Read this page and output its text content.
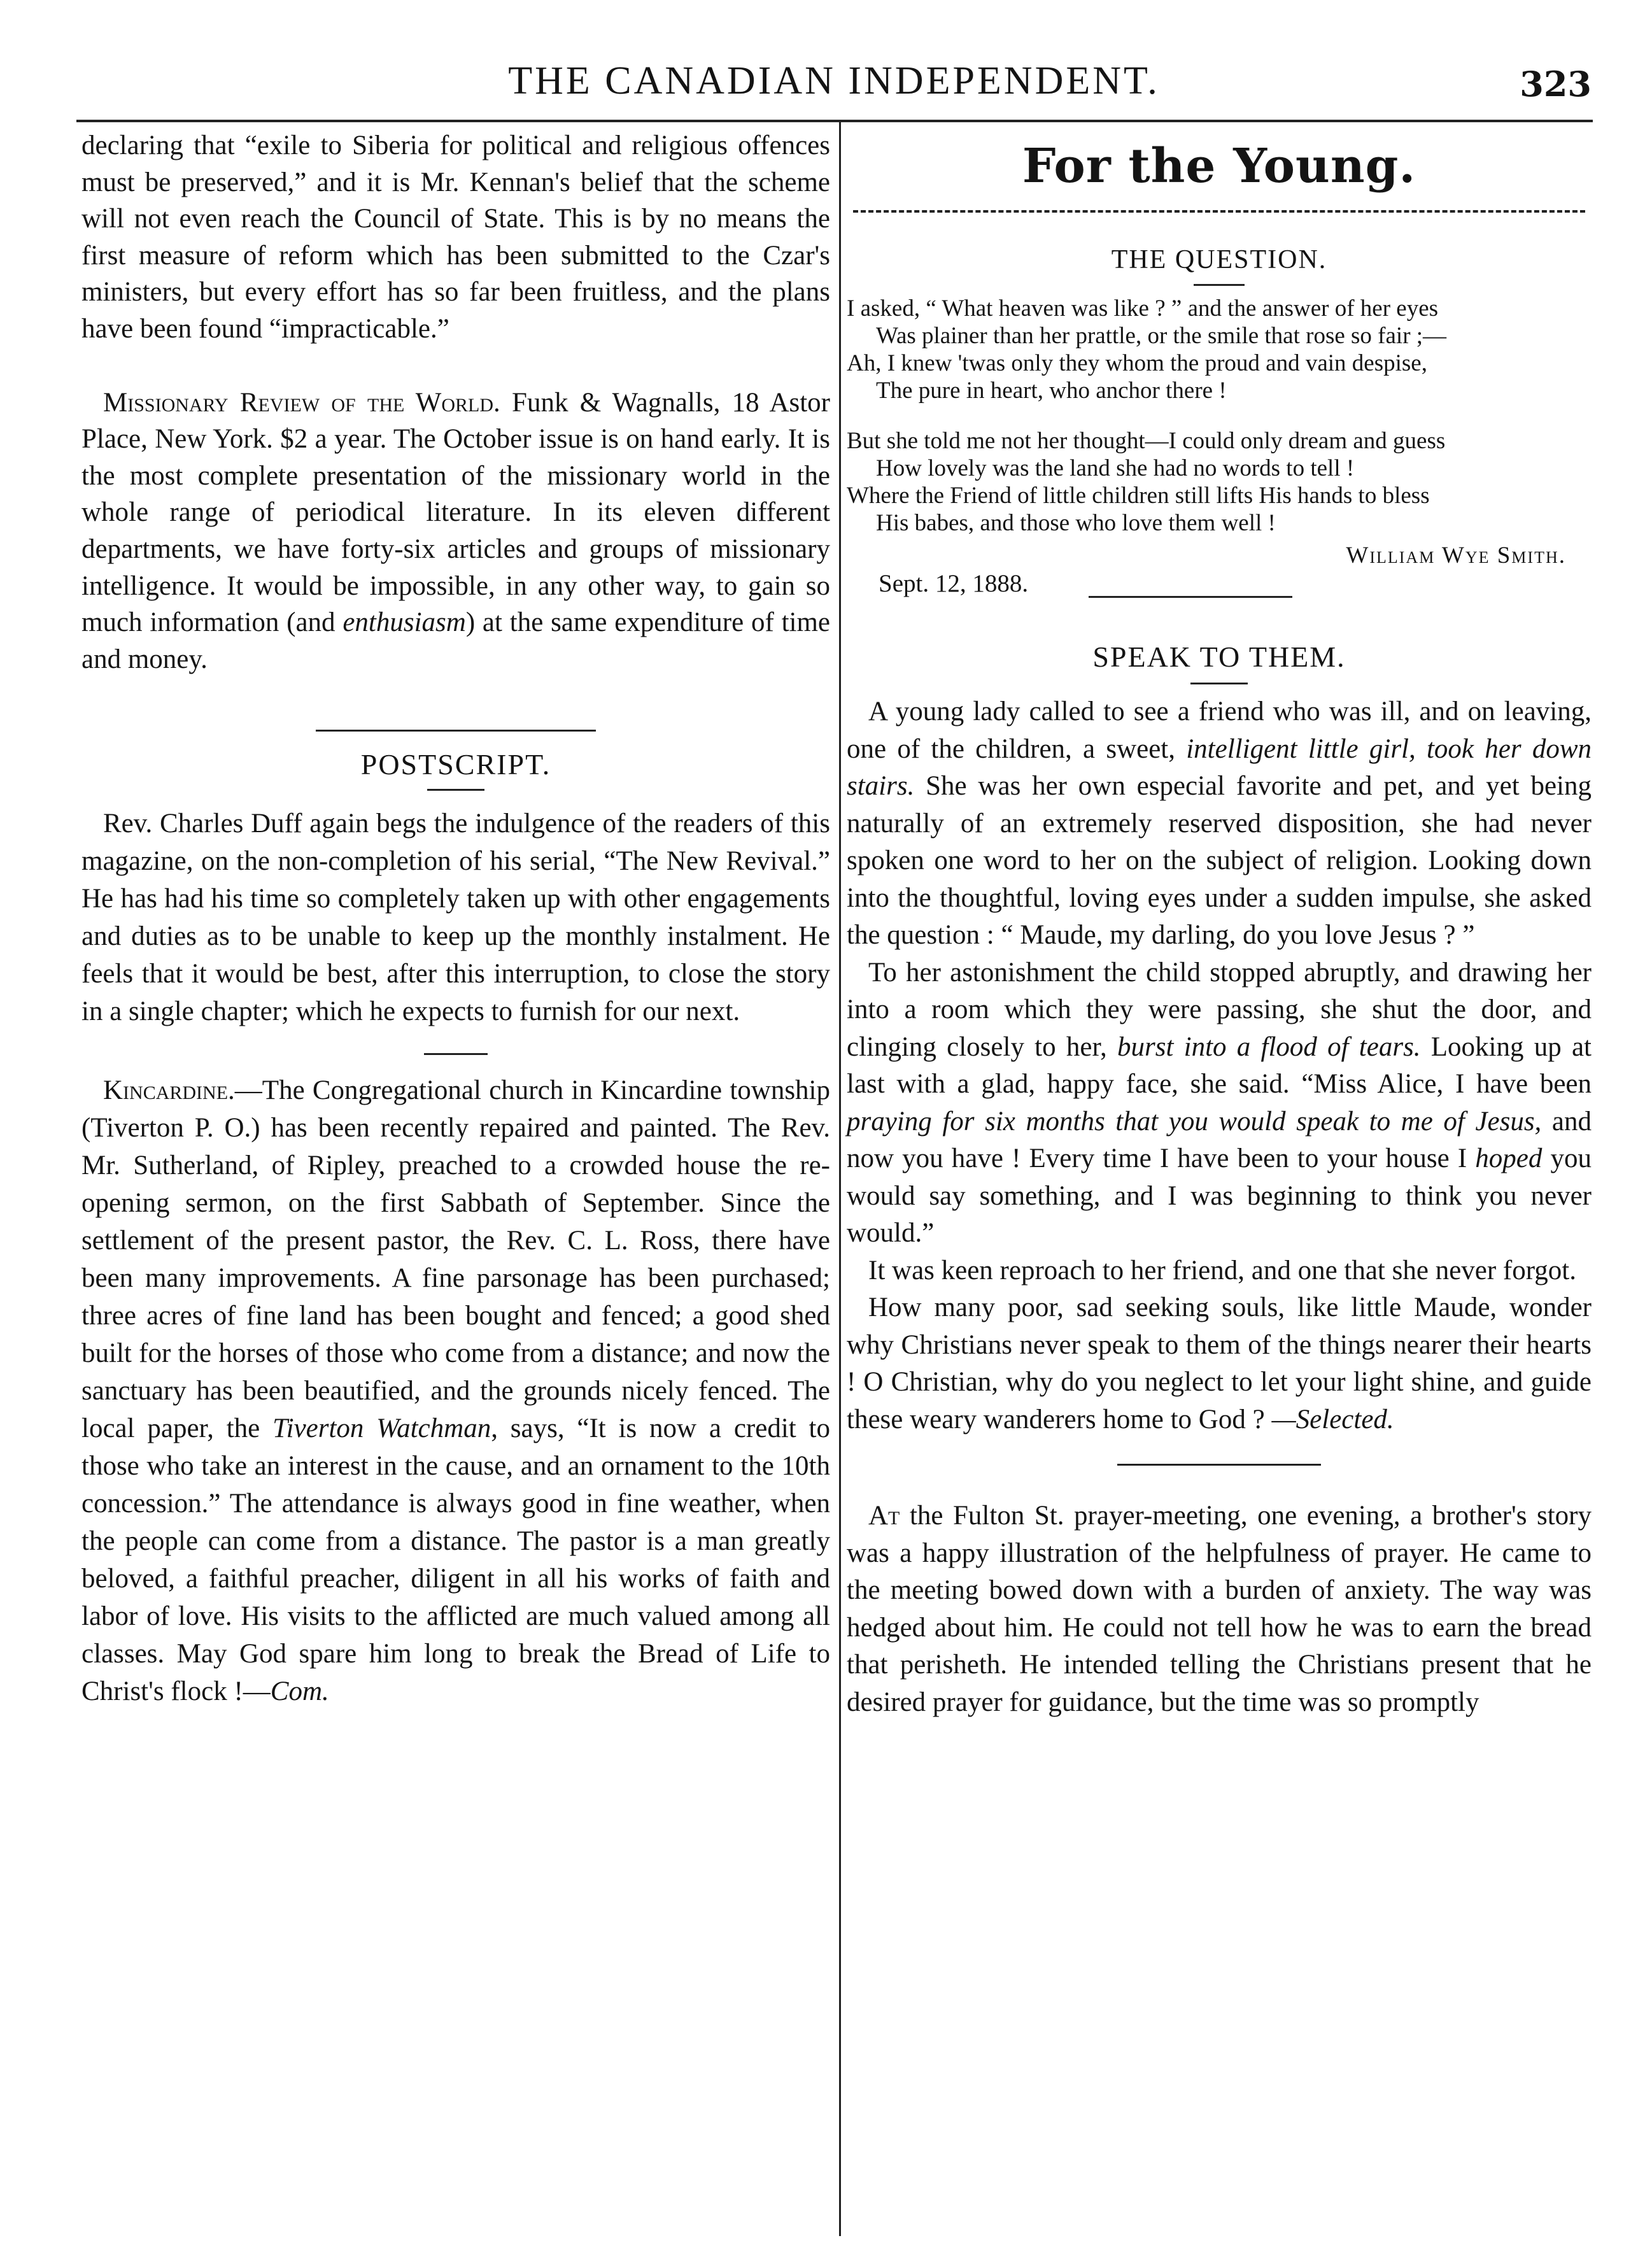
THE CANADIAN INDEPENDENT.	323

declaring that “exile to Siberia for political and religious offences must be preserved,” and it is Mr. Kennan's belief that the scheme will not even reach the Council of State. This is by no means the first measure of reform which has been submitted to the Czar's ministers, but every effort has so far been fruitless, and the plans have been found “impracticable.”

Missionary Review of the World. Funk & Wagnalls, 18 Astor Place, New York. $2 a year. The October issue is on hand early. It is the most complete presentation of the missionary world in the whole range of periodical literature. In its eleven different departments, we have forty-six articles and groups of missionary intelligence. It would be impossible, in any other way, to gain so much information (and enthusiasm) at the same expenditure of time and money.

POSTSCRIPT.

Rev. Charles Duff again begs the indulgence of the readers of this magazine, on the non-completion of his serial, “The New Revival.” He has had his time so completely taken up with other engagements and duties as to be unable to keep up the monthly instalment. He feels that it would be best, after this interruption, to close the story in a single chapter; which he expects to furnish for our next.

Kincardine.—The Congregational church in Kincardine township (Tiverton P. O.) has been recently repaired and painted. The Rev. Mr. Sutherland, of Ripley, preached to a crowded house the re-opening sermon, on the first Sabbath of September. Since the settlement of the present pastor, the Rev. C. L. Ross, there have been many improvements. A fine parsonage has been purchased; three acres of fine land has been bought and fenced; a good shed built for the horses of those who come from a distance; and now the sanctuary has been beautified, and the grounds nicely fenced. The local paper, the Tiverton Watchman, says, “It is now a credit to those who take an interest in the cause, and an ornament to the 10th concession.” The attendance is always good in fine weather, when the people can come from a distance. The pastor is a man greatly beloved, a faithful preacher, diligent in all his works of faith and labor of love. His visits to the afflicted are much valued among all classes. May God spare him long to break the Bread of Life to Christ's flock !—Com.

For the Young.

THE QUESTION.

I asked, “ What heaven was like ? ” and the answer of her eyes

Was plainer than her prattle, or the smile that rose so fair ;—

Ah, I knew 'twas only they whom the proud and vain despise,

The pure in heart, who anchor there !

But she told me not her thought—I could only dream and guess

How lovely was the land she had no words to tell !

Where the Friend of little children still lifts His hands to bless

His babes, and those who love them well !

William Wye Smith.

Sept. 12, 1888.

SPEAK TO THEM.

A young lady called to see a friend who was ill, and on leaving, one of the children, a sweet, intelligent little girl, took her down stairs. She was her own especial favorite and pet, and yet being naturally of an extremely reserved disposition, she had never spoken one word to her on the subject of religion. Looking down into the thoughtful, loving eyes under a sudden impulse, she asked the question : “ Maude, my darling, do you love Jesus ? ”

To her astonishment the child stopped abruptly, and drawing her into a room which they were passing, she shut the door, and clinging closely to her, burst into a flood of tears. Looking up at last with a glad, happy face, she said. “Miss Alice, I have been praying for six months that you would speak to me of Jesus, and now you have ! Every time I have been to your house I hoped you would say something, and I was beginning to think you never would.”

It was keen reproach to her friend, and one that she never forgot.

How many poor, sad seeking souls, like little Maude, wonder why Christians never speak to them of the things nearer their hearts ! O Christian, why do you neglect to let your light shine, and guide these weary wanderers home to God ? —Selected.

At the Fulton St. prayer-meeting, one evening, a brother's story was a happy illustration of the helpfulness of prayer. He came to the meeting bowed down with a burden of anxiety. The way was hedged about him. He could not tell how he was to earn the bread that perisheth. He intended telling the Christians present that he desired prayer for guidance, but the time was so promptly
